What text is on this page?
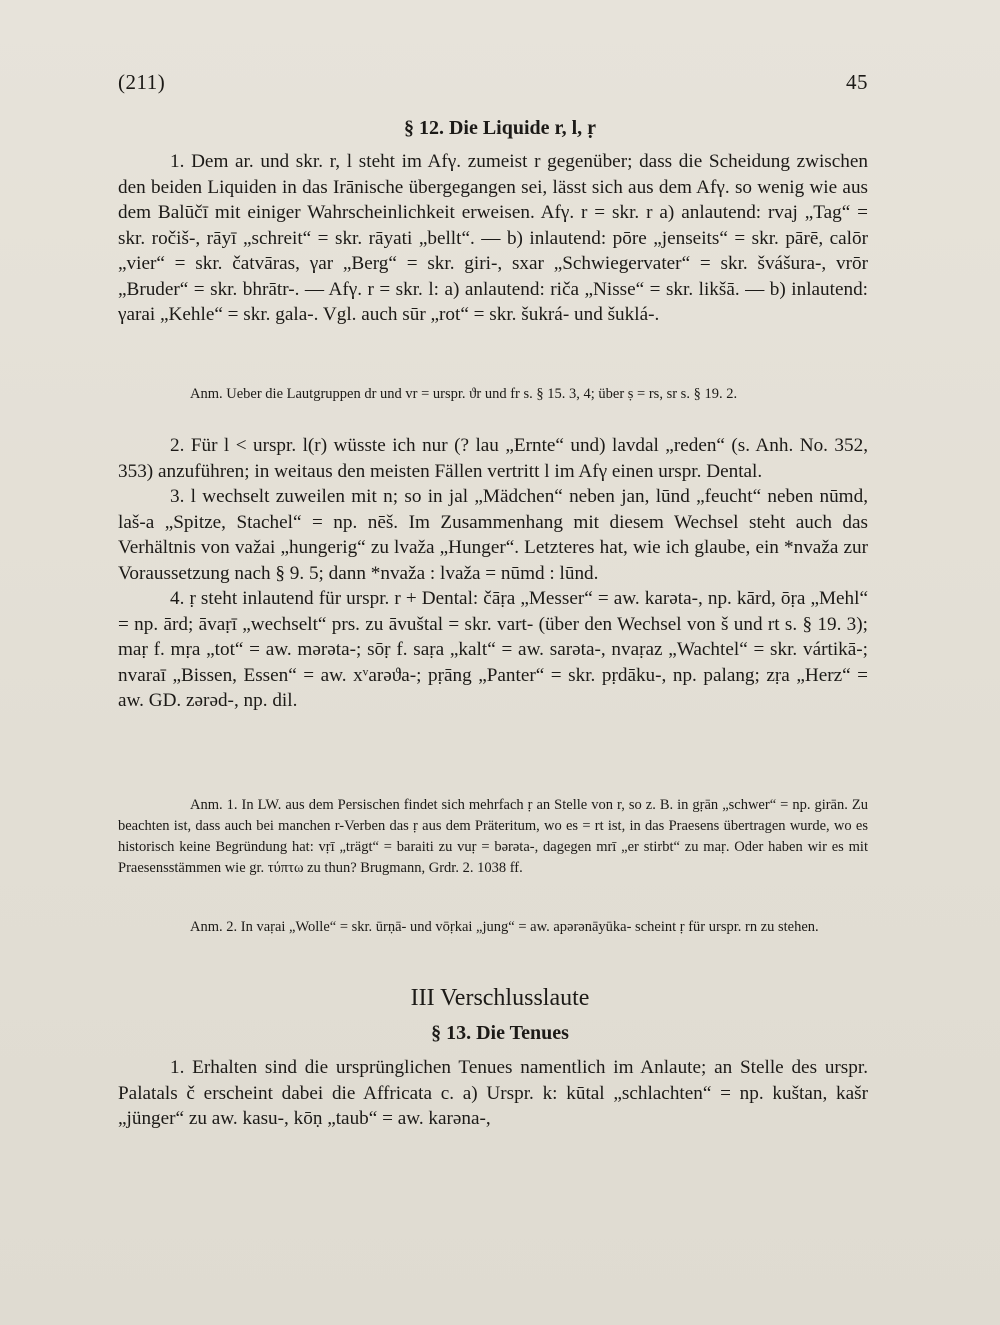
(211)	45
§ 12. Die Liquide r, l, ṛ

1. Dem ar. und skr. r, l steht im Afγ. zumeist r gegenüber; dass die Scheidung zwischen den beiden Liquiden in das Irānische übergegangen sei, lässt sich aus dem Afγ. so wenig wie aus dem Balūčī mit einiger Wahrscheinlichkeit erweisen. Afγ. r = skr. r a) anlautend: rvaj „Tag“ = skr. ročiš-, rāyī „schreit“ = skr. rāyati „bellt“. — b) inlautend: pōre „jenseits“ = skr. pārē, calōr „vier“ = skr. čatvāras, γar „Berg“ = skr. giri-, sxar „Schwiegervater“ = skr. švášura-, vrōr „Bruder“ = skr. bhrātr-. — Afγ. r = skr. l: a) anlautend: riča „Nisse“ = skr. likšā. — b) inlautend: γarai „Kehle“ = skr. gala-. Vgl. auch sūr „rot“ = skr. šukrá- und šuklá-.

Anm. Ueber die Lautgruppen dr und vr = urspr. ϑr und fr s. § 15. 3, 4; über ṣ = rs, sr s. § 19. 2.

2. Für l < urspr. l(r) wüsste ich nur (? lau „Ernte“ und) lavdal „reden“ (s. Anh. No. 352, 353) anzuführen; in weitaus den meisten Fällen vertritt l im Afγ einen urspr. Dental.

3. l wechselt zuweilen mit n; so in jal „Mädchen“ neben jan, lūnd „feucht“ neben nūmd, laš-a „Spitze, Stachel“ = np. nēš. Im Zusammenhang mit diesem Wechsel steht auch das Verhältnis von važai „hungerig“ zu lvaža „Hunger“. Letzteres hat, wie ich glaube, ein *nvaža zur Voraussetzung nach § 9. 5; dann *nvaža : lvaža = nūmd : lūnd.

4. ṛ steht inlautend für urspr. r + Dental: čāṛa „Messer“ = aw. karəta-, np. kārd, ōṛa „Mehl“ = np. ārd; āvaṛī „wechselt“ prs. zu āvuštal = skr. vart- (über den Wechsel von š und rt s. § 19. 3); maṛ f. mṛa „tot“ = aw. mərəta-; sōṛ f. saṛa „kalt“ = aw. sarəta-, nvaṛaz „Wachtel“ = skr. vártikā-; nvaraī „Bissen, Essen“ = aw. xᵛarəϑa-; pṛāng „Panter“ = skr. pṛdāku-, np. palang; zṛa „Herz“ = aw. GD. zərəd-, np. dil.

Anm. 1. In LW. aus dem Persischen findet sich mehrfach ṛ an Stelle von r, so z. B. in gṛān „schwer“ = np. girān. Zu beachten ist, dass auch bei manchen r-Verben das ṛ aus dem Präteritum, wo es = rt ist, in das Praesens übertragen wurde, wo es historisch keine Begründung hat: vṛī „trägt“ = baraiti zu vuṛ = bərəta-, dagegen mrī „er stirbt“ zu maṛ. Oder haben wir es mit Praesensstämmen wie gr. τύπτω zu thun? Brugmann, Grdr. 2. 1038 ff.

Anm. 2. In vaṛai „Wolle“ = skr. ūrṇā- und vōṛkai „jung“ = aw. apərənāyūka- scheint ṛ für urspr. rn zu stehen.

III Verschlusslaute
§ 13. Die Tenues

1. Erhalten sind die ursprünglichen Tenues namentlich im Anlaute; an Stelle des urspr. Palatals č erscheint dabei die Affricata c. a) Urspr. k: kūtal „schlachten“ = np. kuštan, kašr „jünger“ zu aw. kasu-, kōṇ „taub“ = aw. karəna-,
